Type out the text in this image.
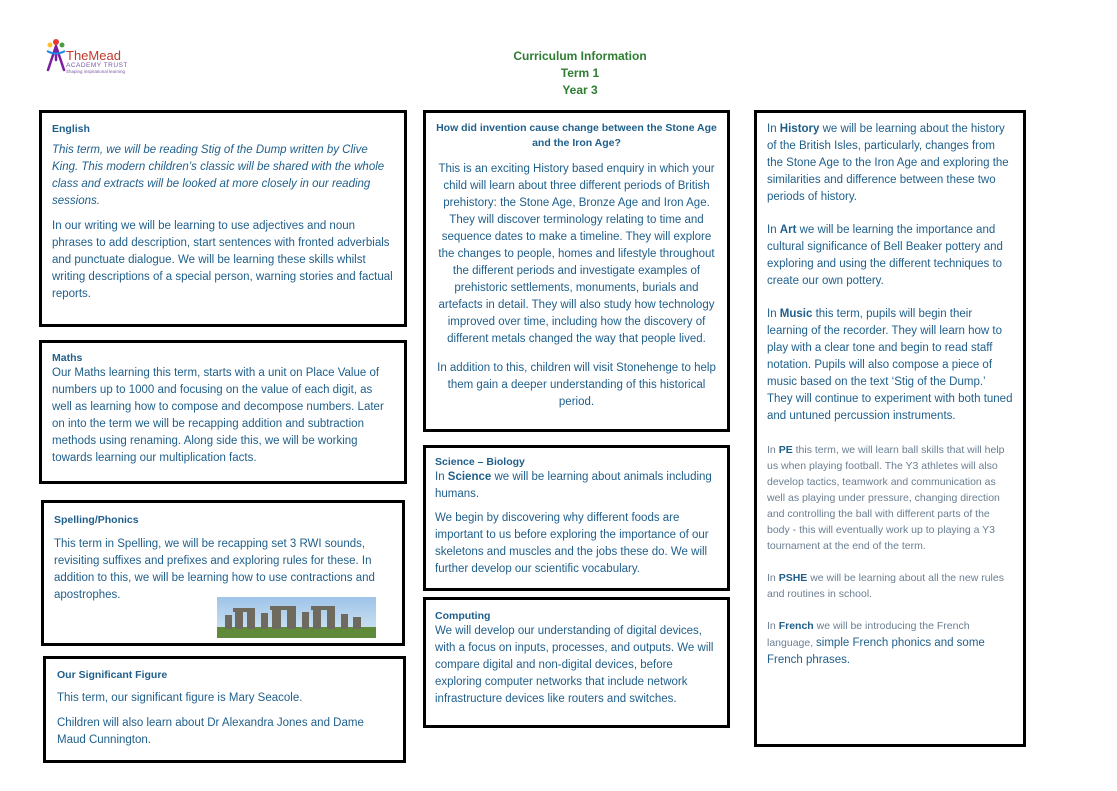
TheMead
ACADEMY TRUST
Shaping inspirational learning
Curriculum Information
Term 1
Year 3
English

This term, we will be reading Stig of the Dump written by Clive King. This modern children’s classic will be shared with the whole class and extracts will be looked at more closely in our reading sessions.

In our writing we will be learning to use adjectives and noun phrases to add description, start sentences with fronted adverbials and punctuate dialogue. We will be learning these skills whilst writing descriptions of a special person, warning stories and factual reports.

Maths

Our Maths learning this term, starts with a unit on Place Value of numbers up to 1000 and focusing on the value of each digit, as well as learning how to compose and decompose numbers. Later on into the term we will be recapping addition and subtraction methods using renaming. Along side this, we will be working towards learning our multiplication facts.

Spelling/Phonics

This term in Spelling, we will be recapping set 3 RWI sounds, revisiting suffixes and prefixes and exploring rules for these. In addition to this, we will be learning how to use contractions and apostrophes.

Our Significant Figure

This term, our significant figure is Mary Seacole.

Children will also learn about Dr Alexandra Jones and Dame Maud Cunnington.

How did invention cause change between the Stone Age and the Iron Age?

This is an exciting History based enquiry in which your child will learn about three different periods of British prehistory: the Stone Age, Bronze Age and Iron Age. They will discover terminology relating to time and sequence dates to make a timeline. They will explore the changes to people, homes and lifestyle throughout the different periods and investigate examples of prehistoric settlements, monuments, burials and artefacts in detail. They will also study how technology improved over time, including how the discovery of different metals changed the way that people lived.

In addition to this, children will visit Stonehenge to help them gain a deeper understanding of this historical period.

Science – Biology

In Science we will be learning about animals including humans.

We begin by discovering why different foods are important to us before exploring the importance of our skeletons and muscles and the jobs these do. We will further develop our scientific vocabulary.

Computing

We will develop our understanding of digital devices, with a focus on inputs, processes, and outputs. We will compare digital and non-digital devices, before exploring computer networks that include network infrastructure devices like routers and switches.

In History we will be learning about the history of the British Isles, particularly, changes from the Stone Age to the Iron Age and exploring the similarities and difference between these two periods of history.

In Art we will be learning the importance and cultural significance of Bell Beaker pottery and exploring and using the different techniques to create our own pottery.

In Music this term, pupils will begin their learning of the recorder. They will learn how to play with a clear tone and begin to read staff notation. Pupils will also compose a piece of music based on the text ‘Stig of the Dump.’ They will continue to experiment with both tuned and untuned percussion instruments.

In PE this term, we will learn ball skills that will help us when playing football. The Y3 athletes will also develop tactics, teamwork and communication as well as playing under pressure, changing direction and controlling the ball with different parts of the body - this will eventually work up to playing a Y3 tournament at the end of the term.

In PSHE we will be learning about all the new rules and routines in school.

In French we will be introducing the French language, simple French phonics and some French phrases.
